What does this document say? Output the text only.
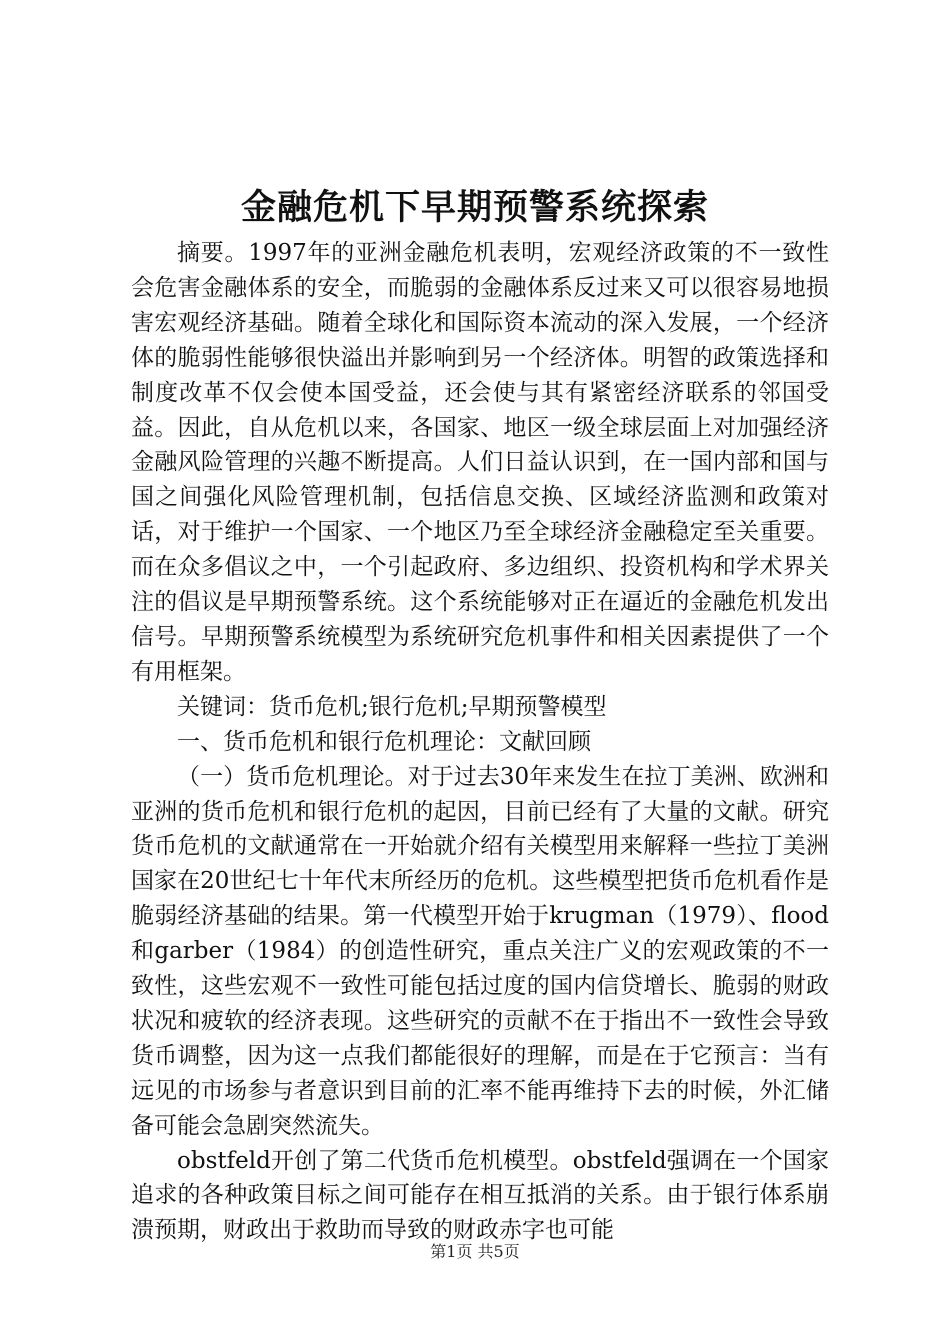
金融危机下早期预警系统探索

摘要。1997年的亚洲金融危机表明，宏观经济政策的不一致性会危害金融体系的安全，而脆弱的金融体系反过来又可以很容易地损害宏观经济基础。随着全球化和国际资本流动的深入发展，一个经济体的脆弱性能够很快溢出并影响到另一个经济体。明智的政策选择和制度改革不仅会使本国受益，还会使与其有紧密经济联系的邻国受益。因此，自从危机以来，各国家、地区一级全球层面上对加强经济金融风险管理的兴趣不断提高。人们日益认识到，在一国内部和国与国之间强化风险管理机制，包括信息交换、区域经济监测和政策对话，对于维护一个国家、一个地区乃至全球经济金融稳定至关重要。而在众多倡议之中，一个引起政府、多边组织、投资机构和学术界关注的倡议是早期预警系统。这个系统能够对正在逼近的金融危机发出信号。早期预警系统模型为系统研究危机事件和相关因素提供了一个有用框架。

关键词：货币危机;银行危机;早期预警模型

一、货币危机和银行危机理论：文献回顾

（一）货币危机理论。对于过去30年来发生在拉丁美洲、欧洲和亚洲的货币危机和银行危机的起因，目前已经有了大量的文献。研究货币危机的文献通常在一开始就介绍有关模型用来解释一些拉丁美洲国家在20世纪七十年代末所经历的危机。这些模型把货币危机看作是脆弱经济基础的结果。第一代模型开始于krugman（1979）、flood和garber（1984）的创造性研究，重点关注广义的宏观政策的不一致性，这些宏观不一致性可能包括过度的国内信贷增长、脆弱的财政状况和疲软的经济表现。这些研究的贡献不在于指出不一致性会导致货币调整，因为这一点我们都能很好的理解，而是在于它预言：当有远见的市场参与者意识到目前的汇率不能再维持下去的时候，外汇储备可能会急剧突然流失。

obstfeld开创了第二代货币危机模型。obstfeld强调在一个国家追求的各种政策目标之间可能存在相互抵消的关系。由于银行体系崩溃预期，财政出于救助而导致的财政赤字也可能

第1页 共5页
